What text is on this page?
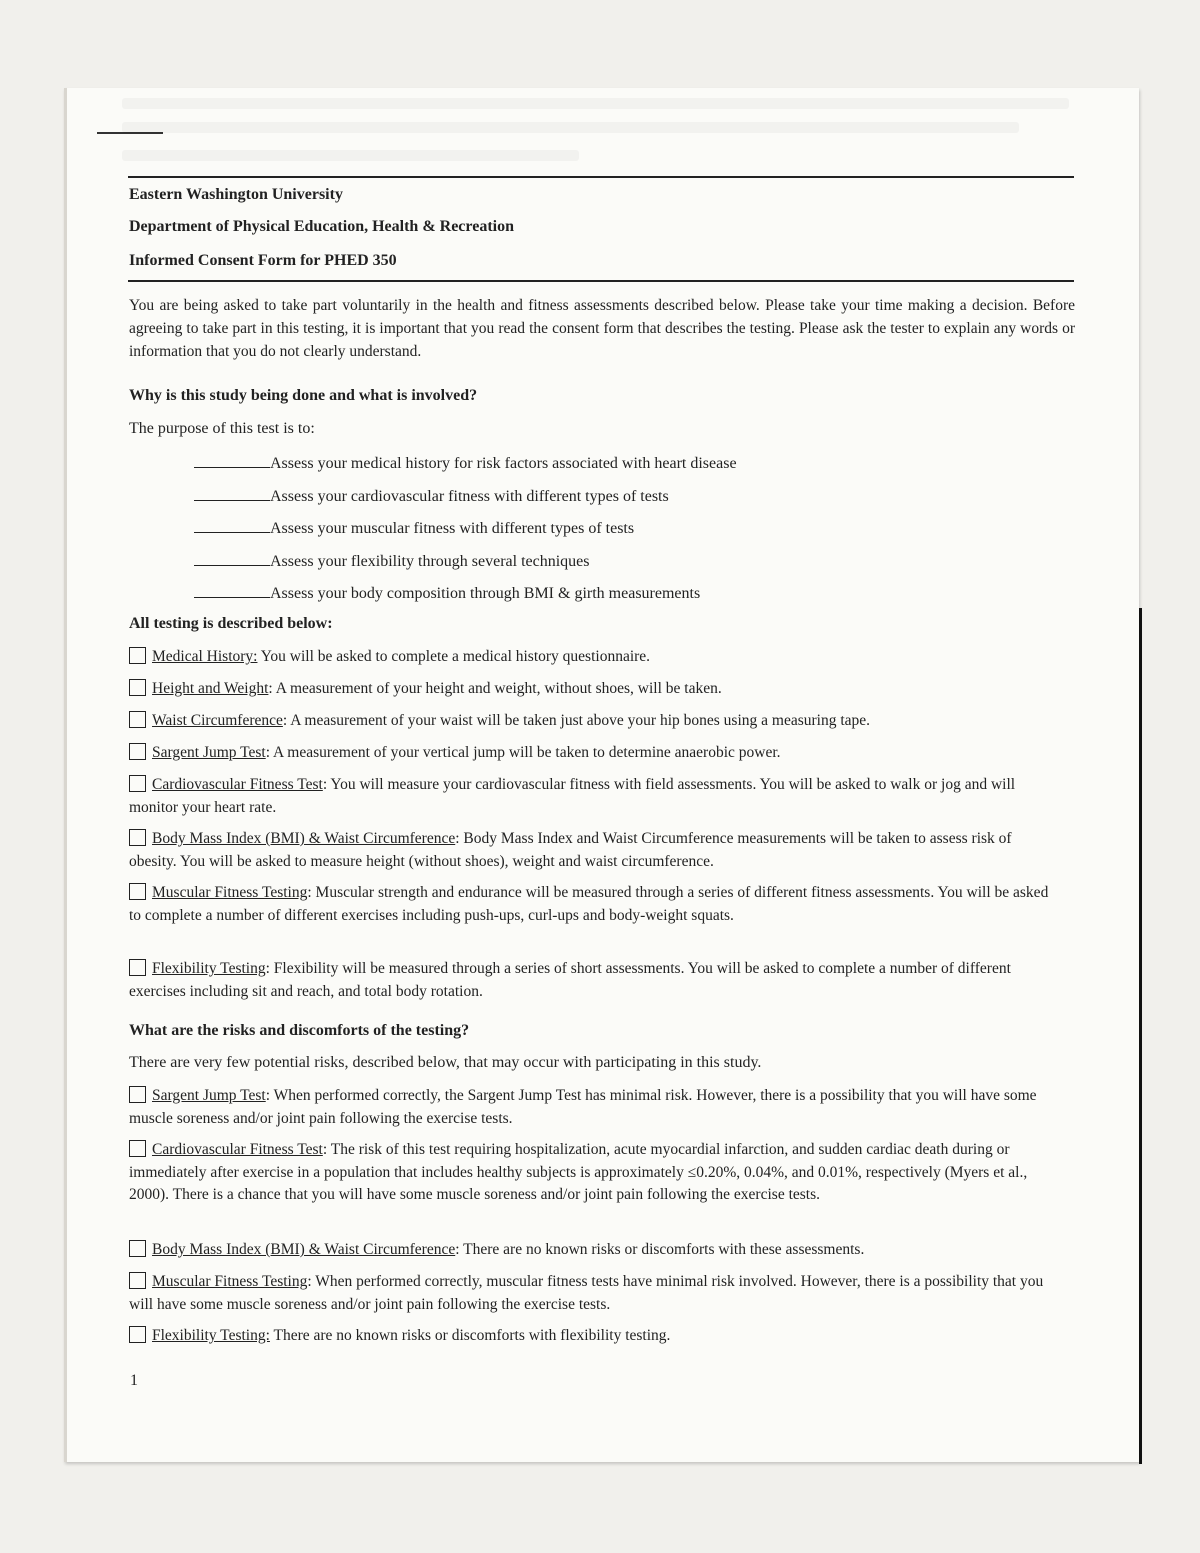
Eastern Washington University

Department of Physical Education, Health & Recreation

Informed Consent Form for PHED 350

You are being asked to take part voluntarily in the health and fitness assessments described below. Please take your time making a decision. Before agreeing to take part in this testing, it is important that you read the consent form that describes the testing. Please ask the tester to explain any words or information that you do not clearly understand.

Why is this study being done and what is involved?

The purpose of this test is to:

Assess your medical history for risk factors associated with heart disease

Assess your cardiovascular fitness with different types of tests

Assess your muscular fitness with different types of tests

Assess your flexibility through several techniques

Assess your body composition through BMI & girth measurements

All testing is described below:

Medical History: You will be asked to complete a medical history questionnaire.

Height and Weight: A measurement of your height and weight, without shoes, will be taken.

Waist Circumference: A measurement of your waist will be taken just above your hip bones using a measuring tape.

Sargent Jump Test: A measurement of your vertical jump will be taken to determine anaerobic power.

Cardiovascular Fitness Test: You will measure your cardiovascular fitness with field assessments. You will be asked to walk or jog and will monitor your heart rate.

Body Mass Index (BMI) & Waist Circumference: Body Mass Index and Waist Circumference measurements will be taken to assess risk of obesity. You will be asked to measure height (without shoes), weight and waist circumference.

Muscular Fitness Testing: Muscular strength and endurance will be measured through a series of different fitness assessments. You will be asked to complete a number of different exercises including push-ups, curl-ups and body-weight squats.

Flexibility Testing: Flexibility will be measured through a series of short assessments. You will be asked to complete a number of different exercises including sit and reach, and total body rotation.

What are the risks and discomforts of the testing?

There are very few potential risks, described below, that may occur with participating in this study.

Sargent Jump Test: When performed correctly, the Sargent Jump Test has minimal risk. However, there is a possibility that you will have some muscle soreness and/or joint pain following the exercise tests.

Cardiovascular Fitness Test: The risk of this test requiring hospitalization, acute myocardial infarction, and sudden cardiac death during or immediately after exercise in a population that includes healthy subjects is approximately ≤0.20%, 0.04%, and 0.01%, respectively (Myers et al., 2000). There is a chance that you will have some muscle soreness and/or joint pain following the exercise tests.

Body Mass Index (BMI) & Waist Circumference: There are no known risks or discomforts with these assessments.

Muscular Fitness Testing: When performed correctly, muscular fitness tests have minimal risk involved. However, there is a possibility that you will have some muscle soreness and/or joint pain following the exercise tests.

Flexibility Testing: There are no known risks or discomforts with flexibility testing.

1
